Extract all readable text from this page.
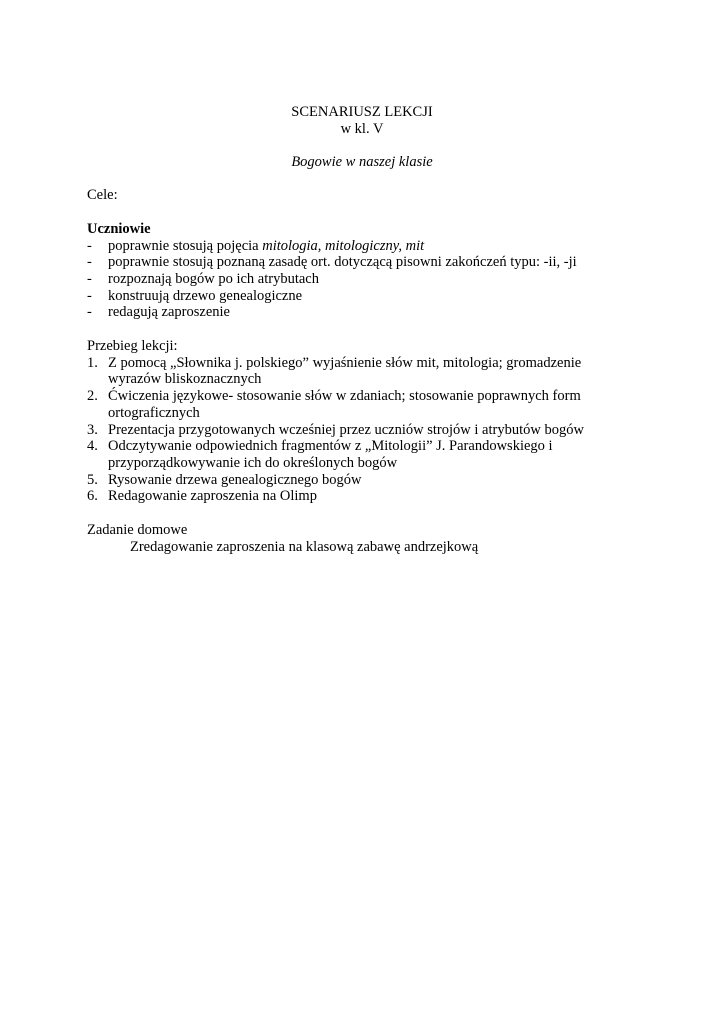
SCENARIUSZ LEKCJI
w kl. V
Bogowie w naszej klasie
Cele:
Uczniowie
- poprawnie stosują pojęcia mitologia, mitologiczny, mit
- poprawnie stosują poznaną zasadę ort. dotyczącą pisowni zakończeń typu: -ii, -ji
- rozpoznają bogów po ich atrybutach
- konstruują drzewo genealogiczne
- redagują zaproszenie
Przebieg lekcji:
1. Z pomocą „Słownika j. polskiego” wyjaśnienie słów mit, mitologia; gromadzenie wyrazów bliskoznacznych
2. Ćwiczenia językowe- stosowanie słów w zdaniach; stosowanie poprawnych form ortograficznych
3. Prezentacja przygotowanych wcześniej przez uczniów strojów i atrybutów bogów
4. Odczytywanie odpowiednich fragmentów z „Mitologii” J. Parandowskiego i przyporządkowywanie ich do określonych bogów
5. Rysowanie drzewa genealogicznego bogów
6. Redagowanie zaproszenia na Olimp
Zadanie domowe
Zredagowanie zaproszenia na klasową zabawę andrzejkową
